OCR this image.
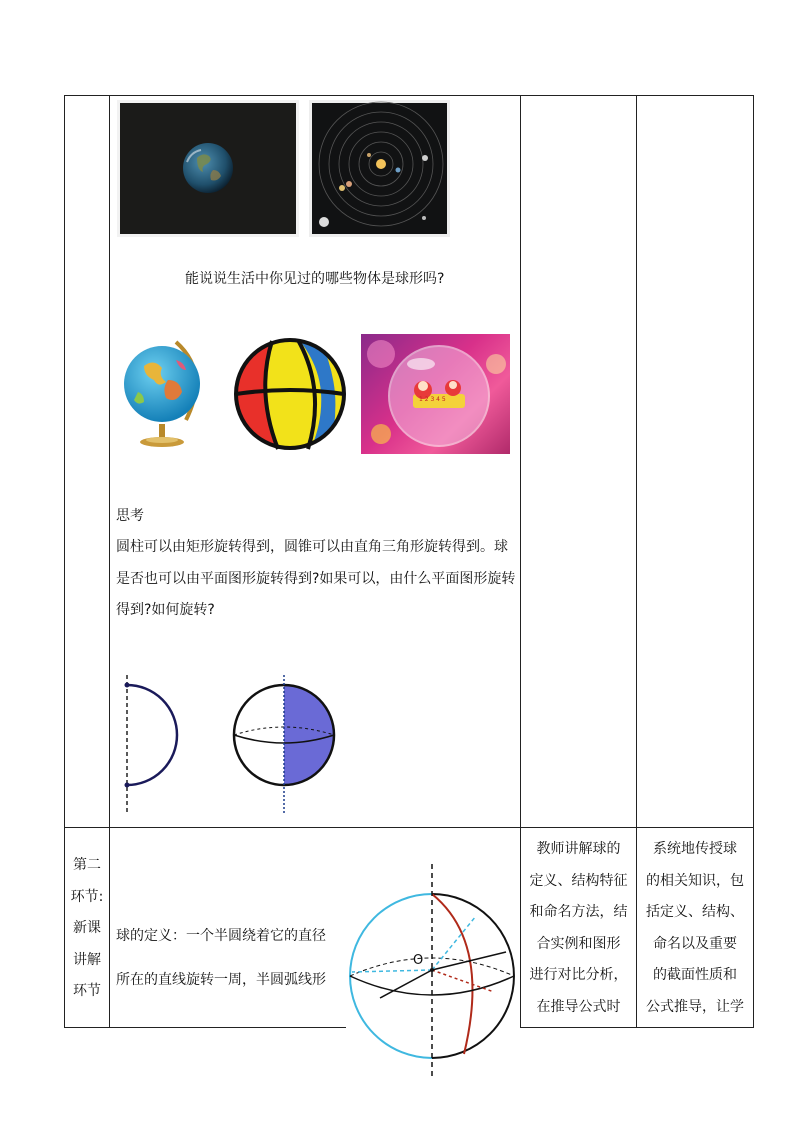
能说说生活中你见过的哪些物体是球形吗?
1 2 3 4 5
思考
圆柱可以由矩形旋转得到，圆锥可以由直角三角形旋转得到。球
是否也可以由平面图形旋转得到?如果可以，由什么平面图形旋转
得到?如何旋转?
第二
环节:
新课
讲解
环节
球的定义：一个半圆绕着它的直径
所在的直线旋转一周，半圆弧线形
O
教师讲解球的
定义、结构特征
和命名方法，结
合实例和图形
进行对比分析，
在推导公式时
系统地传授球
的相关知识，包
括定义、结构、
命名以及重要
的截面性质和
公式推导，让学
